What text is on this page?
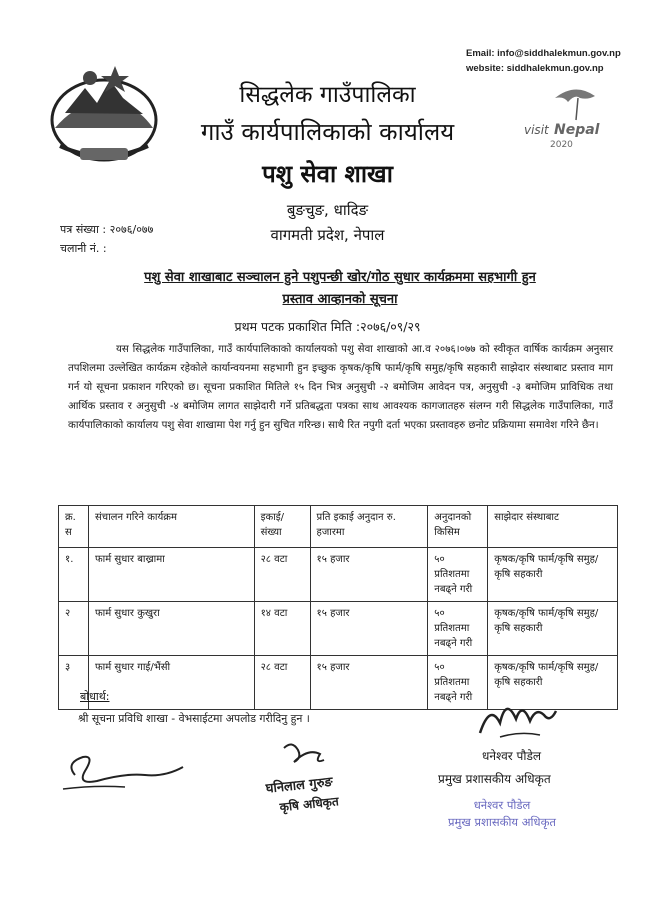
Email: info@siddhalekmun.gov.np
website: siddhalekmun.gov.np
visit Nepal
2020
सिद्धलेक गाउँपालिका
गाउँ कार्यपालिकाको कार्यालय
पशु सेवा शाखा
बुङचुङ, धादिङ
वागमती प्रदेश, नेपाल
पत्र संख्या : २०७६/०७७
चलानी नं. :
पशु सेवा शाखाबाट सञ्चालन हुने पशुपन्छी खोर/गोठ सुधार कार्यक्रममा सहभागी हुन
प्रस्ताव आव्हानको सूचना
प्रथम पटक प्रकाशित मिति :२०७६/०९/२९

यस सिद्धलेक गाउँपालिका, गाउँ कार्यपालिकाको कार्यालयको पशु सेवा शाखाको आ.व २०७६।०७७ को स्वीकृत वार्षिक कार्यक्रम अनुसार तपशिलमा उल्लेखित कार्यक्रम रहेकोले कार्यान्वयनमा सहभागी हुन इच्छुक कृषक/कृषि फार्म/कृषि समुह/कृषि सहकारी साझेदार संस्थाबाट प्रस्ताव माग गर्न यो सूचना प्रकाशन गरिएको छ। सूचना प्रकाशित मितिले १५ दिन भित्र अनुसुची -२ बमोजिम आवेदन पत्र, अनुसुची -३ बमोजिम प्राविधिक तथा आर्थिक प्रस्ताव र अनुसुची -४ बमोजिम लागत साझेदारी गर्ने प्रतिबद्धता पत्रका साथ आवश्यक कागजातहरु संलग्न गरी सिद्धलेक गाउँपालिका, गाउँ कार्यपालिकाको कार्यालय पशु सेवा शाखामा पेश गर्नु हुन सुचित गरिन्छ। साथै रित नपुगी दर्ता भएका प्रस्तावहरु छनोट प्रक्रियामा समावेश गरिने छैन।

क्र. स	संचालन गरिने कार्यक्रम	इकाई/ संख्या	प्रति इकाई अनुदान रु. हजारमा	अनुदानको किसिम	साझेदार संस्थाबाट
१.	फार्म सुधार बाख्रामा	२८ वटा	१५ हजार	५० प्रतिशतमा नबढ्ने गरी	कृषक/कृषि फार्म/कृषि समुह/कृषि सहकारी
२	फार्म सुधार कुखुरा	१४ वटा	१५ हजार	५० प्रतिशतमा नबढ्ने गरी	कृषक/कृषि फार्म/कृषि समुह/कृषि सहकारी
३	फार्म सुधार गाई/भैंसी	२८ वटा	१५ हजार	५० प्रतिशतमा नबढ्ने गरी	कृषक/कृषि फार्म/कृषि समुह/कृषि सहकारी
बोधार्थ:
श्री सूचना प्रविधि शाखा - वेभसाईटमा अपलोड गरीदिनु हुन ।
घनिलाल गुरुङ
कृषि अधिकृत
धनेश्वर पौडेल
प्रमुख प्रशासकीय अधिकृत
धनेश्वर पौडेल
प्रमुख प्रशासकीय अधिकृत
